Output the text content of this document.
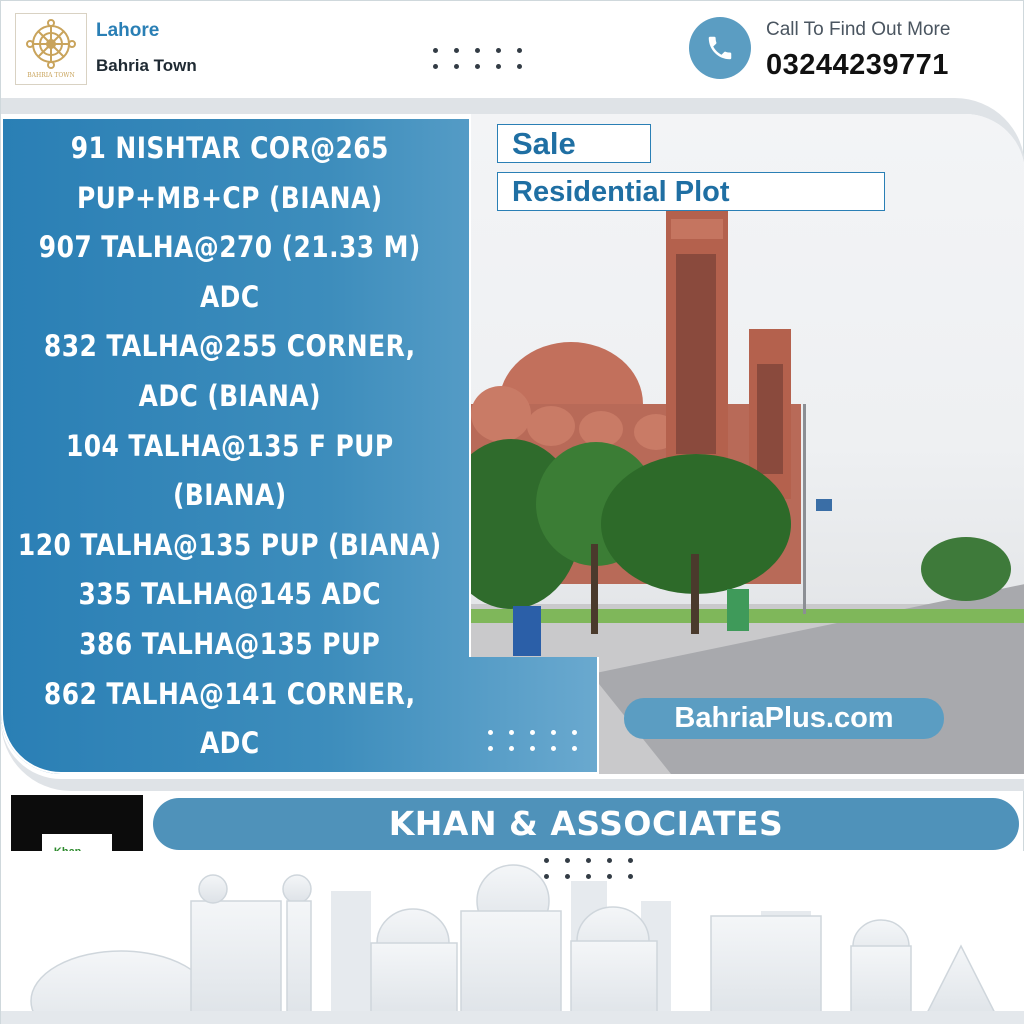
BAHRIA TOWN
Lahore
Bahria Town
Call To Find Out More
03244239771
91 NISHTAR COR@265
PUP+MB+CP (BIANA)
907 TALHA@270 (21.33 M)
ADC
832 TALHA@255 CORNER,
ADC (BIANA)
104 TALHA@135 F PUP
(BIANA)
120 TALHA@135 PUP (BIANA)
335 TALHA@145 ADC
386 TALHA@135 PUP
862 TALHA@141 CORNER,
ADC
Sale
Residential Plot
BahriaPlus.com
KHAN & ASSOCIATES
